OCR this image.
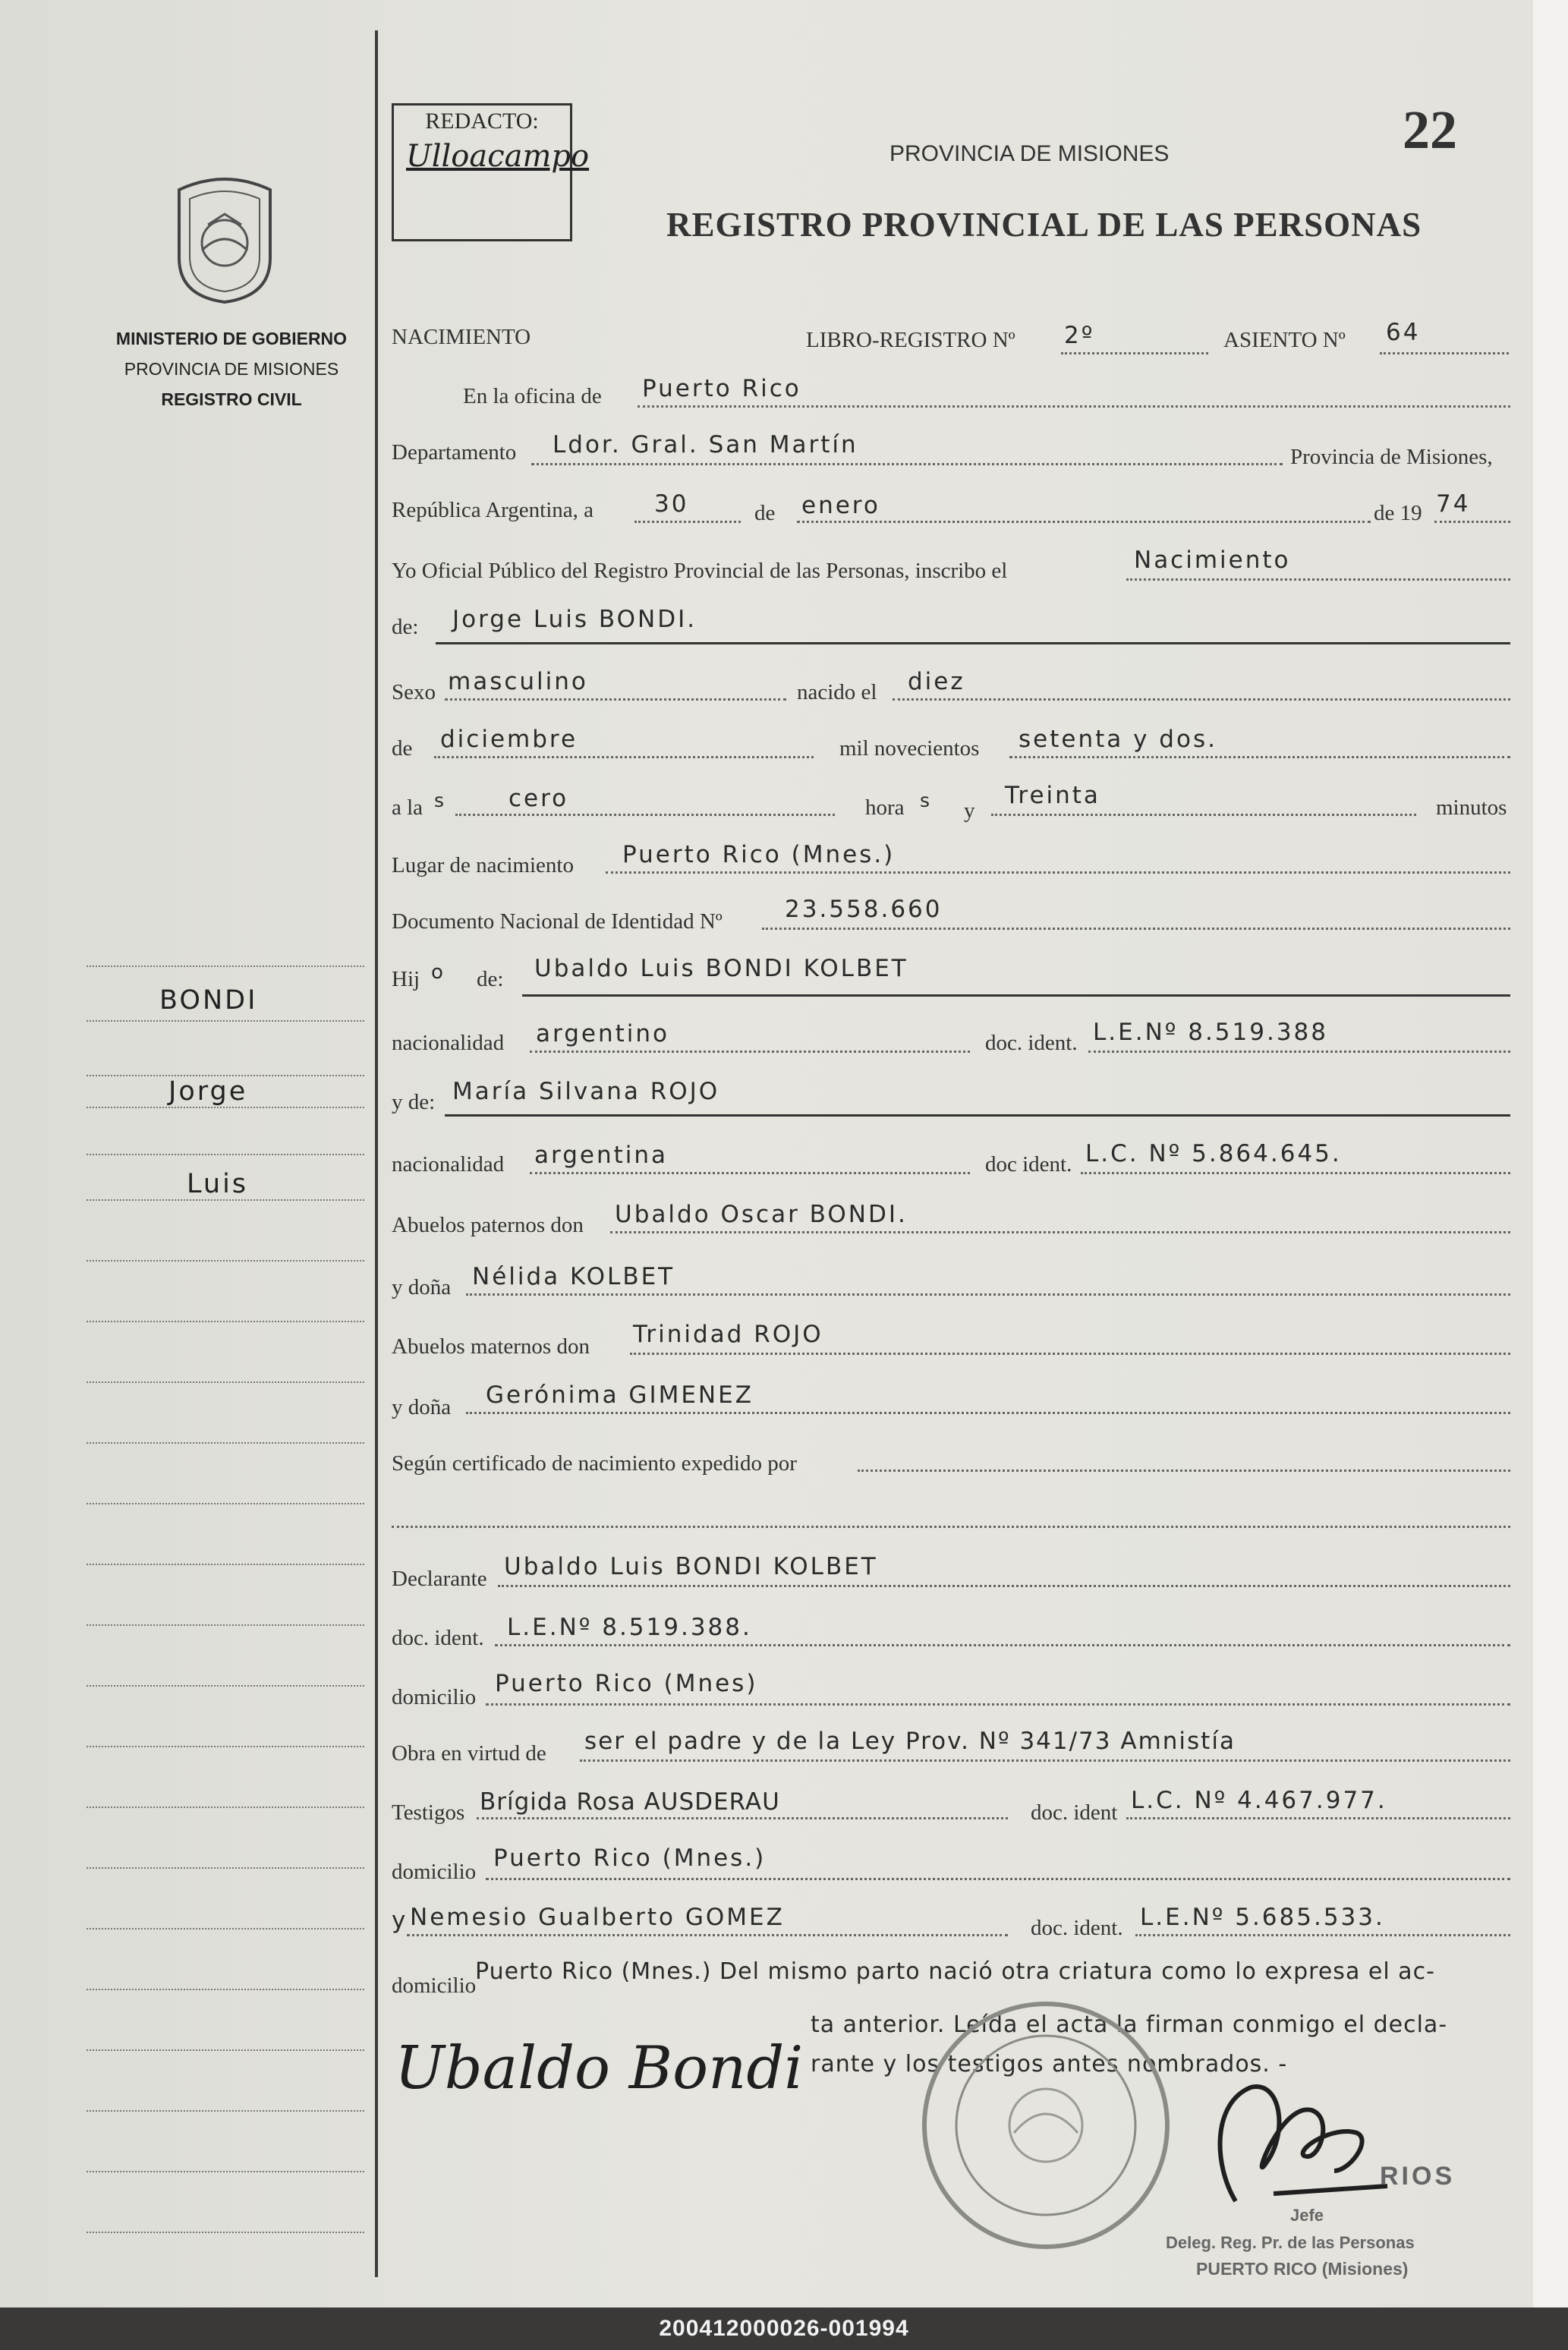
MINISTERIO DE GOBIERNO
PROVINCIA DE MISIONES
REGISTRO CIVIL
BONDI
Jorge
Luis
REDACTO:
Ulloacampo	22
PROVINCIA DE MISIONES
REGISTRO PROVINCIAL DE LAS PERSONAS
NACIMIENTO	LIBRO-REGISTRO Nº 2º	ASIENTO Nº 64
En la oficina de Puerto Rico
Departamento Ldor. Gral. San Martín	Provincia de Misiones,
República Argentina, a	30	de enero	de 19 74
Yo Oficial Público del Registro Provincial de las Personas, inscribo el	Nacimiento
de: Jorge Luis BONDI.
Sexo masculino	nacido el diez
de diciembre	mil novecientos setenta y dos.
a la s	cero	hora s y
Treinta	minutos
Lugar de nacimiento Puerto Rico (Mnes.)
Documento Nacional de Identidad Nº	23.558.660
Hij o de: Ubaldo Luis BONDI KOLBET
nacionalidad argentino	doc. ident. L.E.Nº 8.519.388
y de: María Silvana ROJO
nacionalidad argentina	doc ident. L.C. Nº 5.864.645.
Abuelos paternos don Ubaldo Oscar BONDI.
y doña Nélida KOLBET
Abuelos maternos don Trinidad ROJO
y doña Gerónima GIMENEZ
Según certificado de nacimiento expedido por
Declarante Ubaldo Luis BONDI KOLBET
doc. ident. L.E.Nº 8.519.388.
domicilio Puerto Rico (Mnes)
Obra en virtud de ser el padre y de la Ley Prov. Nº 341/73 Amnistía
Testigos Brígida Rosa AUSDERAU	doc. ident L.C. Nº 4.467.977.
domicilio Puerto Rico (Mnes.)
y Nemesio Gualberto GOMEZ	doc. ident. L.E.Nº 5.685.533.
domicilio
Puerto Rico (Mnes.) Del mismo parto nació otra criatura como lo expresa el ac-
ta anterior. Leída el acta la firman conmigo el decla-
rante y los testigos antes nombrados. -
Ubaldo Bondi
RIOS
Jefe
Deleg. Reg. Pr. de las Personas
PUERTO RICO (Misiones)
200412000026-001994
